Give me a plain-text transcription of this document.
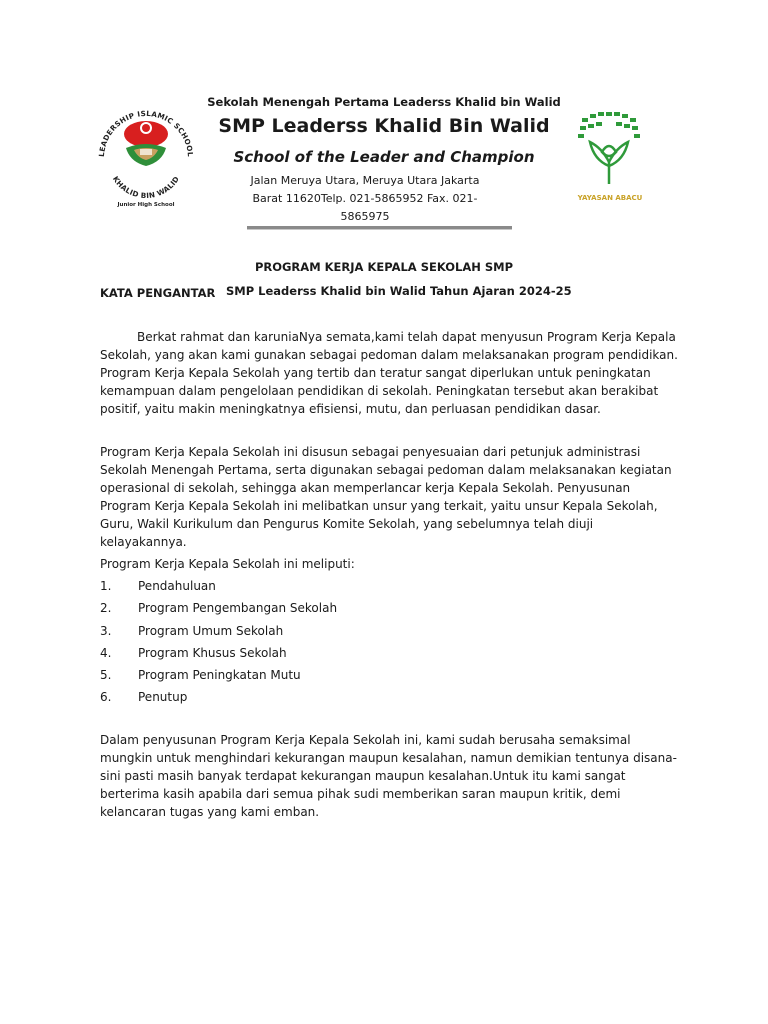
LEADERSHIP ISLAMIC SCHOOL
KHALID BIN WALID
Junior High School
YAYASAN ABACU
Sekolah Menengah Pertama Leaderss Khalid bin Walid
SMP Leaderss Khalid Bin Walid
School of the Leader and Champion
Jalan Meruya Utara, Meruya Utara Jakarta Barat 11620Telp. 021-5865952 Fax. 021-5865975
PROGRAM KERJA KEPALA SEKOLAH SMP
KATA PENGANTAR SMP Leaderss Khalid bin Walid Tahun Ajaran 2024-25
Berkat rahmat dan karuniaNya semata,kami telah dapat menyusun Program Kerja Kepala Sekolah, yang akan kami gunakan sebagai pedoman dalam melaksanakan program pendidikan. Program Kerja Kepala Sekolah yang tertib dan teratur sangat diperlukan untuk peningkatan kemampuan dalam pengelolaan pendidikan di sekolah. Peningkatan tersebut akan berakibat positif, yaitu makin meningkatnya efisiensi, mutu, dan perluasan pendidikan dasar.
Program Kerja Kepala Sekolah ini disusun sebagai penyesuaian dari petunjuk administrasi Sekolah Menengah Pertama, serta digunakan sebagai pedoman dalam melaksanakan kegiatan operasional di sekolah, sehingga akan memperlancar kerja Kepala Sekolah. Penyusunan Program Kerja Kepala Sekolah ini melibatkan unsur yang terkait, yaitu unsur Kepala Sekolah, Guru, Wakil Kurikulum dan Pengurus Komite Sekolah, yang sebelumnya telah diuji kelayakannya.
Program Kerja Kepala Sekolah ini meliputi:
1. Pendahuluan
2. Program Pengembangan Sekolah
3. Program Umum Sekolah
4. Program Khusus Sekolah
5. Program Peningkatan Mutu
6. Penutup
Dalam penyusunan Program Kerja Kepala Sekolah ini, kami sudah berusaha semaksimal mungkin untuk menghindari kekurangan maupun kesalahan, namun demikian tentunya disana-sini pasti masih banyak terdapat kekurangan maupun kesalahan.Untuk itu kami sangat berterima kasih apabila dari semua pihak sudi memberikan saran maupun kritik, demi kelancaran tugas yang kami emban.
